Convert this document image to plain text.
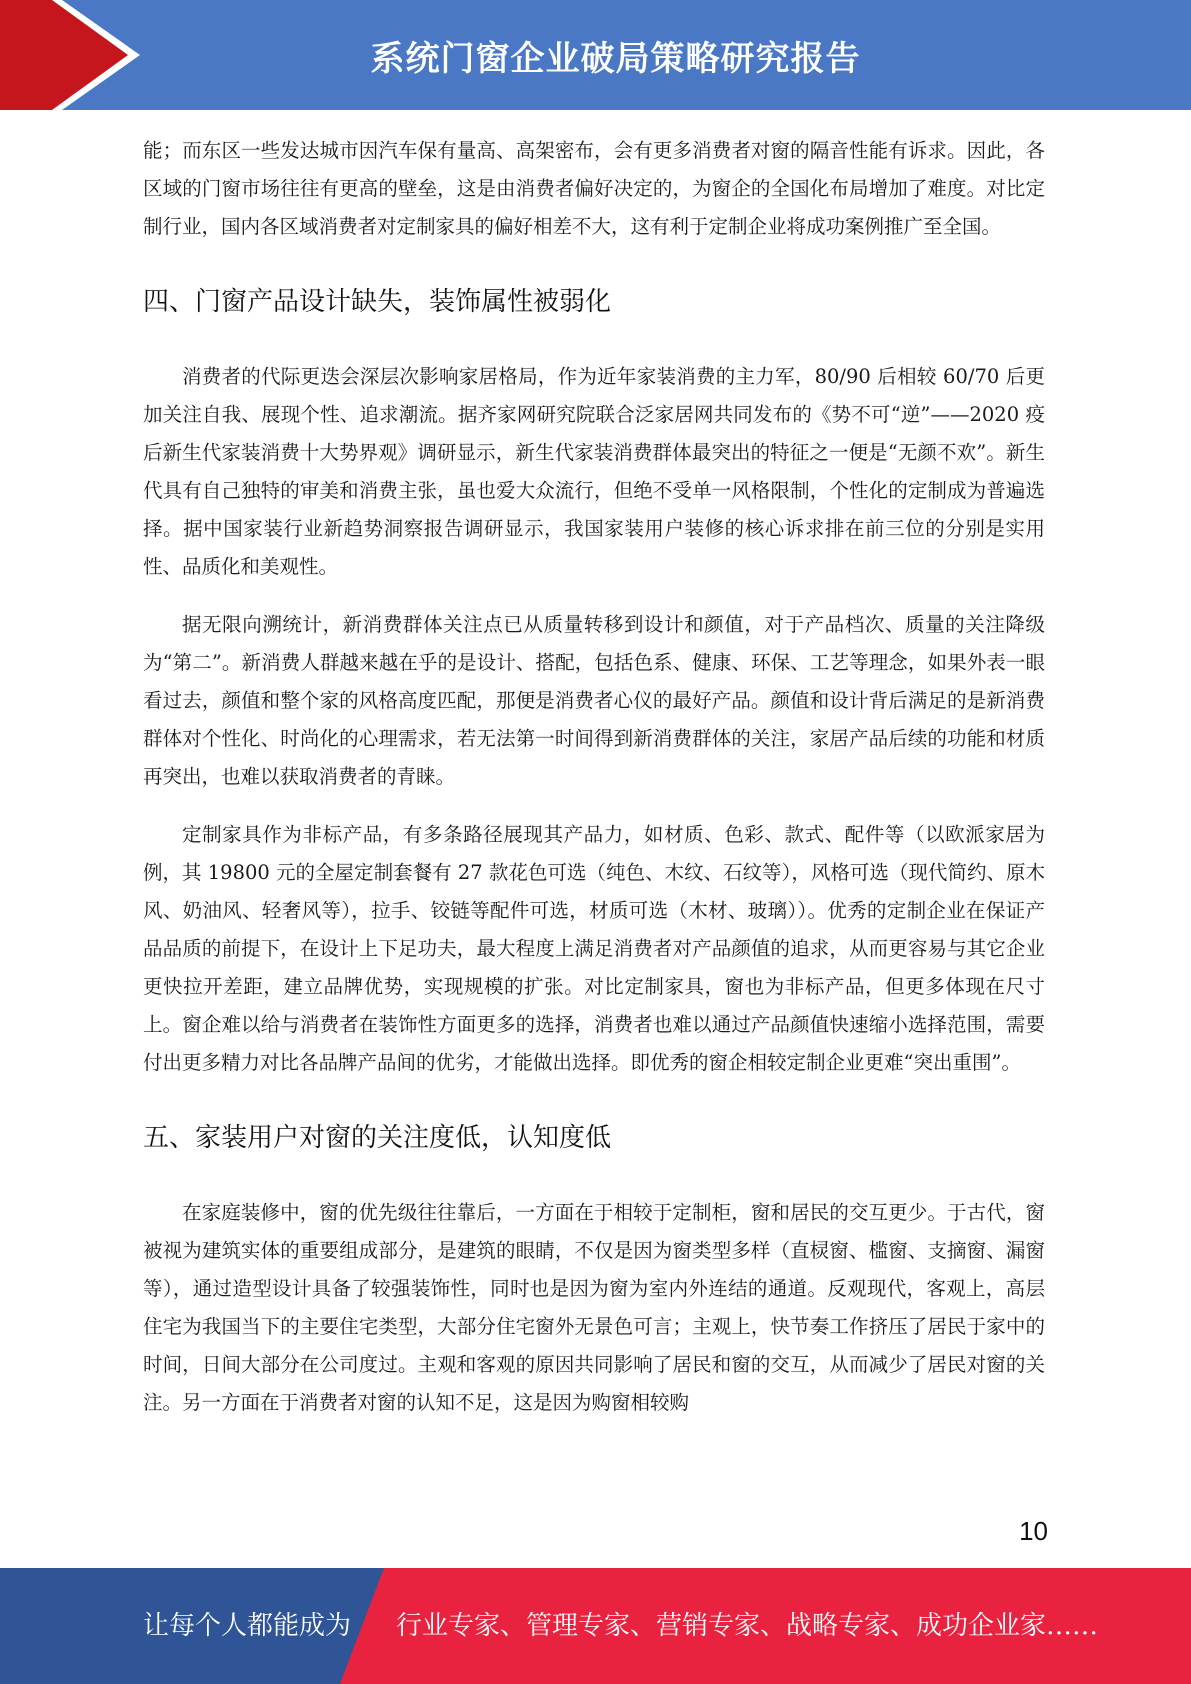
系统门窗企业破局策略研究报告

能；而东区一些发达城市因汽车保有量高、高架密布，会有更多消费者对窗的隔音性能有诉求。因此，各区域的门窗市场往往有更高的壁垒，这是由消费者偏好决定的，为窗企的全国化布局增加了难度。对比定制行业，国内各区域消费者对定制家具的偏好相差不大，这有利于定制企业将成功案例推广至全国。

四、门窗产品设计缺失，装饰属性被弱化

消费者的代际更迭会深层次影响家居格局，作为近年家装消费的主力军，80/90 后相较 60/70 后更加关注自我、展现个性、追求潮流。据齐家网研究院联合泛家居网共同发布的《势不可“逆”——2020 疫后新生代家装消费十大势界观》调研显示，新生代家装消费群体最突出的特征之一便是“无颜不欢”。新生代具有自己独特的审美和消费主张，虽也爱大众流行，但绝不受单一风格限制，个性化的定制成为普遍选择。据中国家装行业新趋势洞察报告调研显示，我国家装用户装修的核心诉求排在前三位的分别是实用性、品质化和美观性。

据无限向溯统计，新消费群体关注点已从质量转移到设计和颜值，对于产品档次、质量的关注降级为“第二”。新消费人群越来越在乎的是设计、搭配，包括色系、健康、环保、工艺等理念，如果外表一眼看过去，颜值和整个家的风格高度匹配，那便是消费者心仪的最好产品。颜值和设计背后满足的是新消费群体对个性化、时尚化的心理需求，若无法第一时间得到新消费群体的关注，家居产品后续的功能和材质再突出，也难以获取消费者的青睐。

定制家具作为非标产品，有多条路径展现其产品力，如材质、色彩、款式、配件等（以欧派家居为例，其 19800 元的全屋定制套餐有 27 款花色可选（纯色、木纹、石纹等），风格可选（现代简约、原木风、奶油风、轻奢风等），拉手、铰链等配件可选，材质可选（木材、玻璃））。优秀的定制企业在保证产品品质的前提下，在设计上下足功夫，最大程度上满足消费者对产品颜值的追求，从而更容易与其它企业更快拉开差距，建立品牌优势，实现规模的扩张。对比定制家具，窗也为非标产品，但更多体现在尺寸上。窗企难以给与消费者在装饰性方面更多的选择，消费者也难以通过产品颜值快速缩小选择范围，需要付出更多精力对比各品牌产品间的优劣，才能做出选择。即优秀的窗企相较定制企业更难“突出重围”。

五、家装用户对窗的关注度低，认知度低

在家庭装修中，窗的优先级往往靠后，一方面在于相较于定制柜，窗和居民的交互更少。于古代，窗被视为建筑实体的重要组成部分，是建筑的眼睛，不仅是因为窗类型多样（直棂窗、槛窗、支摘窗、漏窗等），通过造型设计具备了较强装饰性，同时也是因为窗为室内外连结的通道。反观现代，客观上，高层住宅为我国当下的主要住宅类型，大部分住宅窗外无景色可言；主观上，快节奏工作挤压了居民于家中的时间，日间大部分在公司度过。主观和客观的原因共同影响了居民和窗的交互，从而减少了居民对窗的关注。另一方面在于消费者对窗的认知不足，这是因为购窗相较购

10
让每个人都能成为 行业专家、管理专家、营销专家、战略专家、成功企业家……
